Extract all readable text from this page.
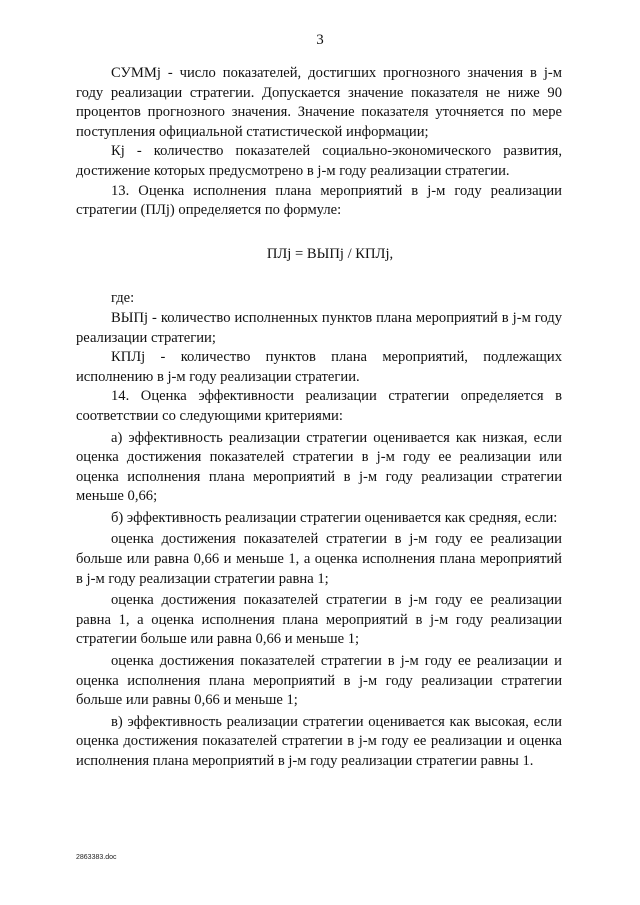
3

СУММj - число показателей, достигших прогнозного значения в j-м году реализации стратегии. Допускается значение показателя не ниже 90 процентов прогнозного значения. Значение показателя уточняется по мере поступления официальной статистической информации;

Кj - количество показателей социально-экономического развития, достижение которых предусмотрено в j-м году реализации стратегии.

13. Оценка исполнения плана мероприятий в j-м году реализации стратегии (ПЛj) определяется по формуле:

ПЛj = ВЫПj / КПЛj,

где:

ВЫПj - количество исполненных пунктов плана мероприятий в j-м году реализации стратегии;

КПЛj - количество пунктов плана мероприятий, подлежащих исполнению в j-м году реализации стратегии.

14. Оценка эффективности реализации стратегии определяется в соответствии со следующими критериями:

а) эффективность реализации стратегии оценивается как низкая, если оценка достижения показателей стратегии в j-м году ее реализации или оценка исполнения плана мероприятий в j-м году реализации стратегии меньше 0,66;

б) эффективность реализации стратегии оценивается как средняя, если:

оценка достижения показателей стратегии в j-м году ее реализации больше или равна 0,66 и меньше 1, а оценка исполнения плана мероприятий в j-м году реализации стратегии равна 1;

оценка достижения показателей стратегии в j-м году ее реализации равна 1, а оценка исполнения плана мероприятий в j-м году реализации стратегии больше или равна 0,66 и меньше 1;

оценка достижения показателей стратегии в j-м году ее реализации и оценка исполнения плана мероприятий в j-м году реализации стратегии больше или равны 0,66 и меньше 1;

в) эффективность реализации стратегии оценивается как высокая, если оценка достижения показателей стратегии в j-м году ее реализации и оценка исполнения плана мероприятий в j-м году реализации стратегии равны 1.

2863383.doc
